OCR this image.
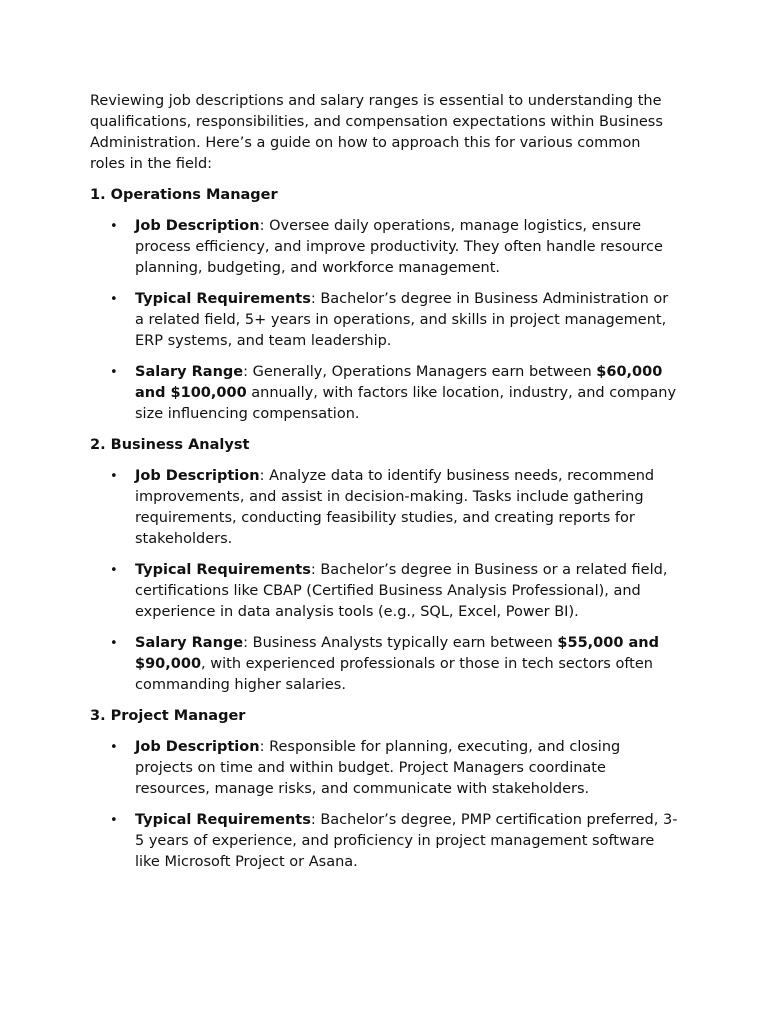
Reviewing job descriptions and salary ranges is essential to understanding the qualifications, responsibilities, and compensation expectations within Business Administration. Here’s a guide on how to approach this for various common roles in the field:

1. Operations Manager
• Job Description: Oversee daily operations, manage logistics, ensure process efficiency, and improve productivity. They often handle resource planning, budgeting, and workforce management.
• Typical Requirements: Bachelor’s degree in Business Administration or a related field, 5+ years in operations, and skills in project management, ERP systems, and team leadership.
• Salary Range: Generally, Operations Managers earn between $60,000 and $100,000 annually, with factors like location, industry, and company size influencing compensation.
2. Business Analyst
• Job Description: Analyze data to identify business needs, recommend improvements, and assist in decision-making. Tasks include gathering requirements, conducting feasibility studies, and creating reports for stakeholders.
• Typical Requirements: Bachelor’s degree in Business or a related field, certifications like CBAP (Certified Business Analysis Professional), and experience in data analysis tools (e.g., SQL, Excel, Power BI).
• Salary Range: Business Analysts typically earn between $55,000 and $90,000, with experienced professionals or those in tech sectors often commanding higher salaries.
3. Project Manager
• Job Description: Responsible for planning, executing, and closing projects on time and within budget. Project Managers coordinate resources, manage risks, and communicate with stakeholders.
• Typical Requirements: Bachelor’s degree, PMP certification preferred, 3-5 years of experience, and proficiency in project management software like Microsoft Project or Asana.
